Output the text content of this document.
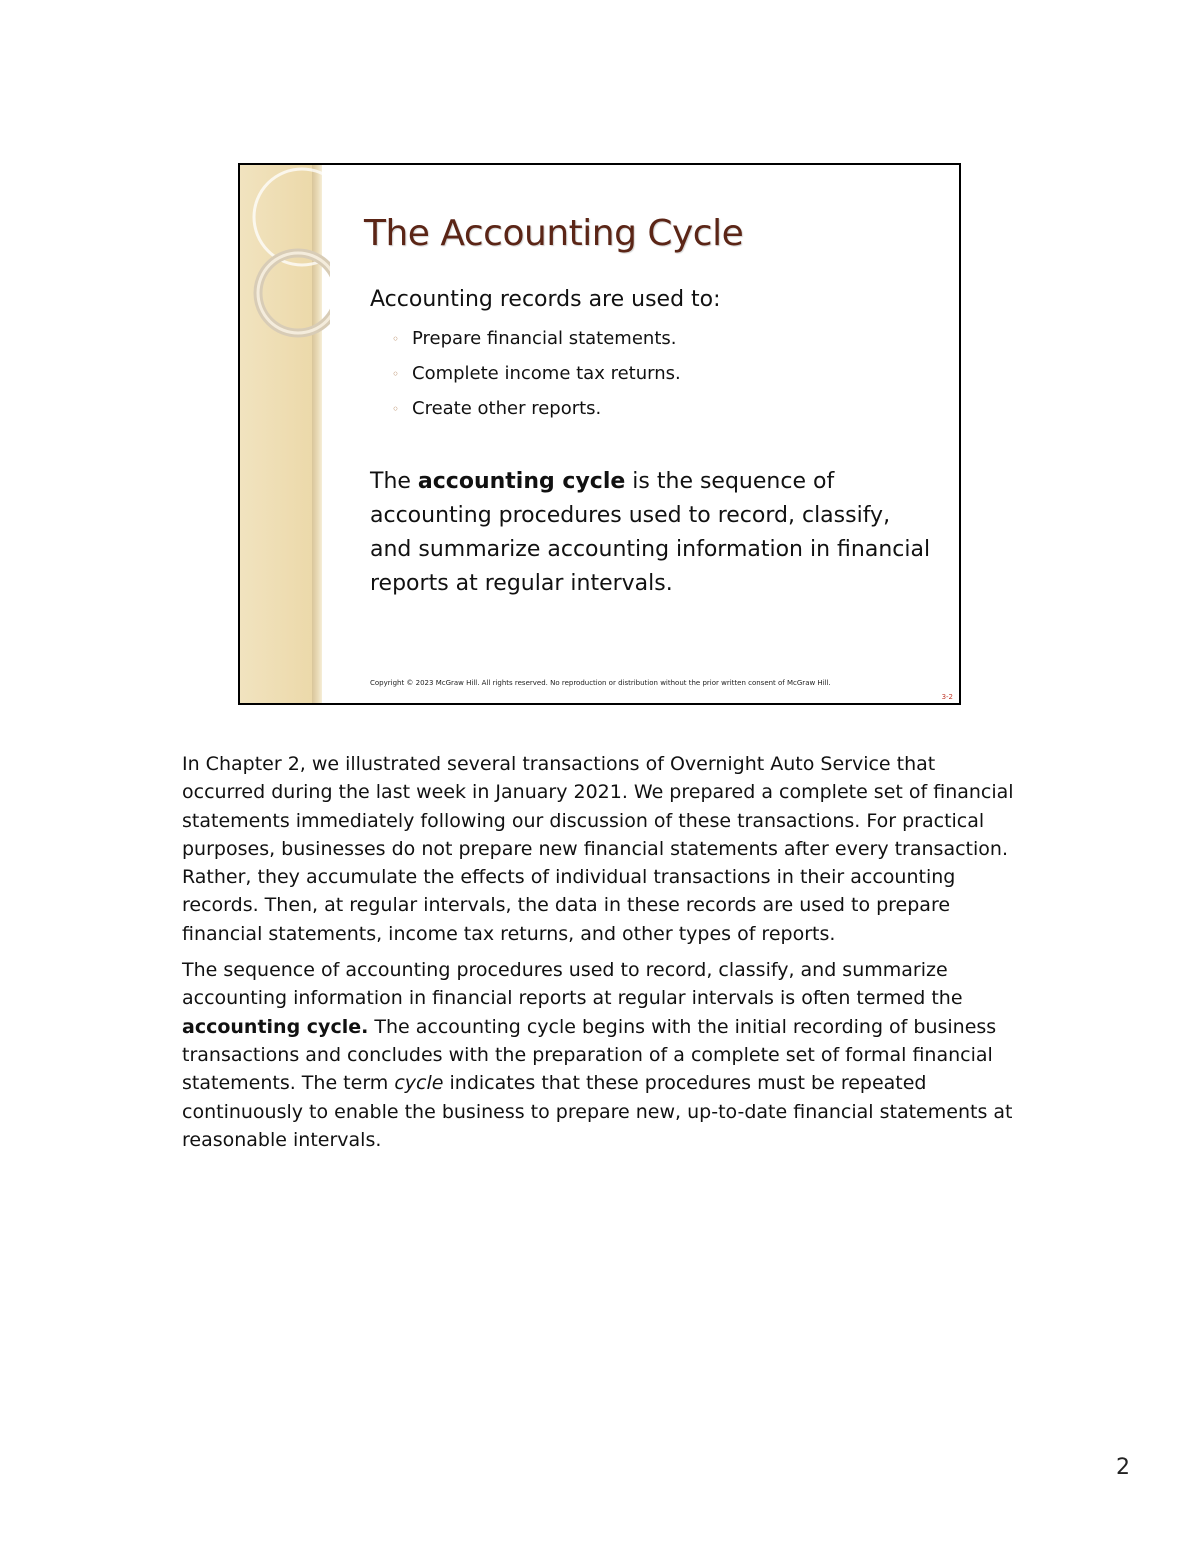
The Accounting Cycle
Accounting records are used to:
◦ Prepare financial statements.
◦ Complete income tax returns.
◦ Create other reports.

The accounting cycle is the sequence of
accounting procedures used to record, classify,
and summarize accounting information in financial
reports at regular intervals.

Copyright © 2023 McGraw Hill. All rights reserved. No reproduction or distribution without the prior written consent of McGraw Hill.
3-2

In Chapter 2, we illustrated several transactions of Overnight Auto Service that
occurred during the last week in January 2021. We prepared a complete set of financial
statements immediately following our discussion of these transactions. For practical
purposes, businesses do not prepare new financial statements after every transaction.
Rather, they accumulate the effects of individual transactions in their accounting
records. Then, at regular intervals, the data in these records are used to prepare
financial statements, income tax returns, and other types of reports.

The sequence of accounting procedures used to record, classify, and summarize
accounting information in financial reports at regular intervals is often termed the
accounting cycle. The accounting cycle begins with the initial recording of business
transactions and concludes with the preparation of a complete set of formal financial
statements. The term cycle indicates that these procedures must be repeated
continuously to enable the business to prepare new, up-to-date financial statements at
reasonable intervals.

2
